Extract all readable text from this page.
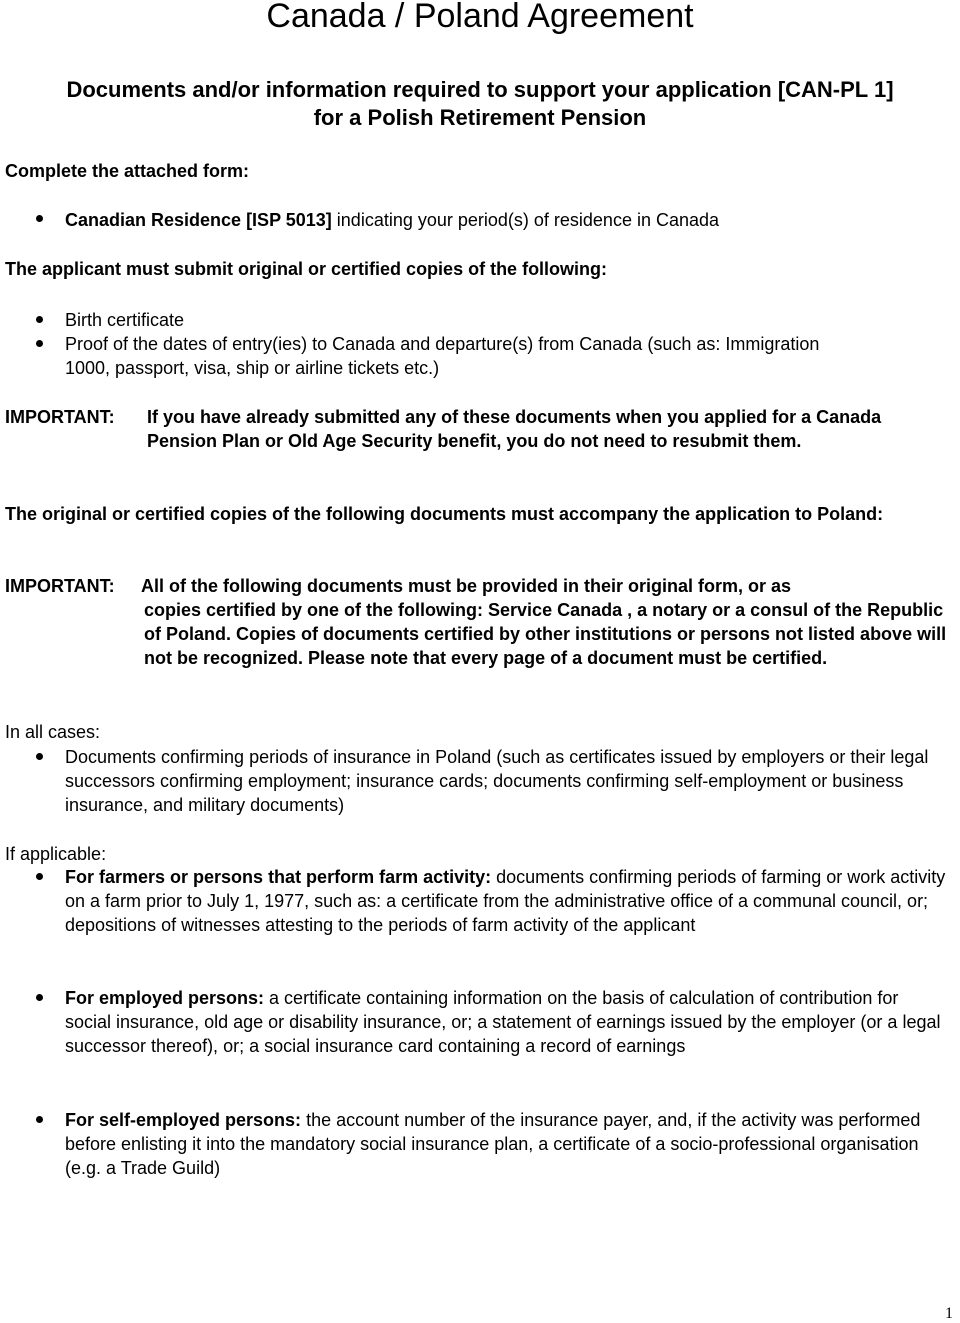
Canada / Poland Agreement
Documents and/or information required to support your application [CAN-PL 1]
for a Polish Retirement Pension
Complete the attached form:
Canadian Residence [ISP 5013] indicating your period(s) of residence in Canada
The applicant must submit original or certified copies of the following:
Birth certificate
Proof of the dates of entry(ies) to Canada and departure(s) from Canada (such as: Immigration
1000, passport, visa, ship or airline tickets etc.)
IMPORTANT: If you have already submitted any of these documents when you applied for a Canada Pension Plan or Old Age Security benefit, you do not need to resubmit them.
The original or certified copies of the following documents must accompany the application to Poland:
IMPORTANT: All of the following documents must be provided in their original form, or as
copies certified by one of the following: Service Canada , a notary or a consul of the Republic of Poland. Copies of documents certified by other institutions or persons not listed above will not be recognized. Please note that every page of a document must be certified.
In all cases:
Documents confirming periods of insurance in Poland (such as certificates issued by employers or their legal successors confirming employment; insurance cards; documents confirming self-employment or business insurance, and military documents)
If applicable:
For farmers or persons that perform farm activity: documents confirming periods of farming or work activity on a farm prior to July 1, 1977, such as: a certificate from the administrative office of a communal council, or; depositions of witnesses attesting to the periods of farm activity of the applicant
For employed persons: a certificate containing information on the basis of calculation of contribution for social insurance, old age or disability insurance, or; a statement of earnings issued by the employer (or a legal successor thereof), or; a social insurance card containing a record of earnings
For self-employed persons: the account number of the insurance payer, and, if the activity was performed before enlisting it into the mandatory social insurance plan, a certificate of a socio-professional organisation (e.g. a Trade Guild)
1
